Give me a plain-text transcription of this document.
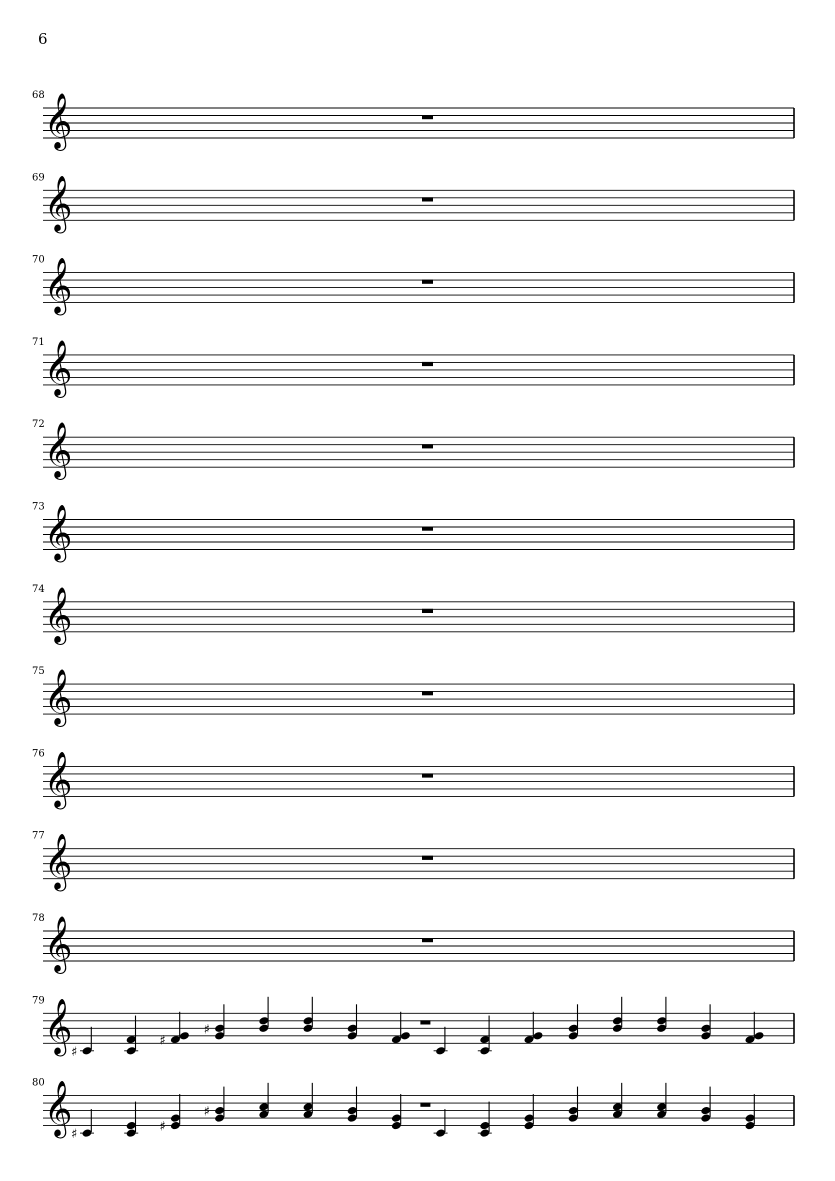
6
𝄞
68
𝄞
69
𝄞
70
𝄞
71
𝄞
72
𝄞
73
𝄞
74
𝄞
75
𝄞
76
𝄞
77
𝄞
78
𝄞
79
♯
♯
♯
𝄞
80
♯	♯
♯
